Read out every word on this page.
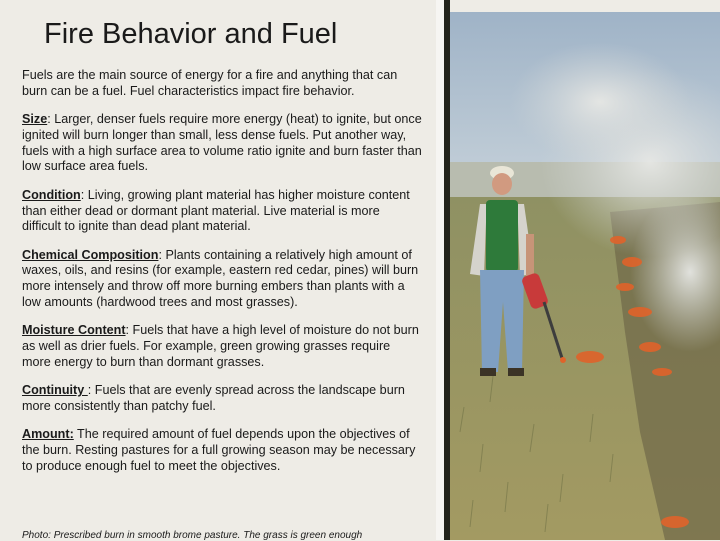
Fire Behavior and Fuel

Fuels are the main source of energy for a fire and anything that can burn can be a fuel. Fuel characteristics impact fire behavior.

Size: Larger, denser fuels require more energy (heat) to ignite, but once ignited will burn longer than small, less dense fuels. Put another way, fuels with a high surface area to volume ratio ignite and burn faster than low surface area fuels.

Condition: Living, growing plant material has higher moisture content than either dead or dormant plant material. Live material is more difficult to ignite than dead plant material.

Chemical Composition: Plants containing a relatively high amount of waxes, oils, and resins (for example, eastern red cedar, pines) will burn more intensely and throw off more burning embers than plants with a low amounts (hardwood trees and most grasses).

Moisture Content: Fuels that have a high level of moisture do not burn as well as drier fuels. For example, green growing grasses require more energy to burn than dormant grasses.

Continuity : Fuels that are evenly spread across the landscape burn more consistently than patchy fuel.

Amount: The required amount of fuel depends upon the objectives of the burn. Resting pastures for a full growing season may be necessary to produce enough fuel to meet the objectives.

Photo: Prescribed burn in smooth brome pasture. The grass is green enough
